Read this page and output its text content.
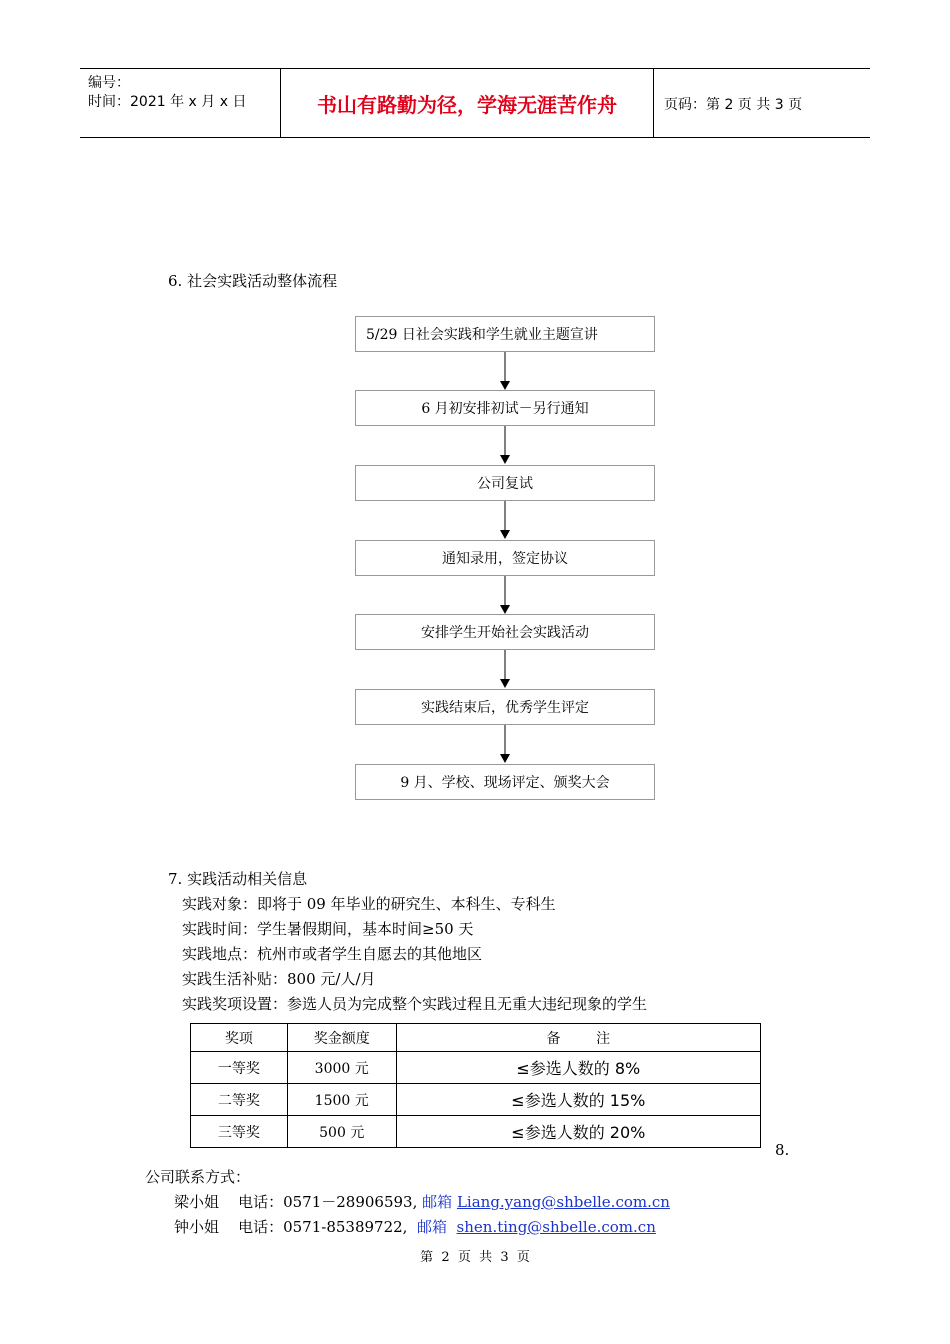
编号：
时间：2021 年 x 月 x 日	书山有路勤为径，学海无涯苦作舟	页码：第 2 页 共 3 页
6. 社会实践活动整体流程
5/29 日社会实践和学生就业主题宣讲
6 月初安排初试－另行通知
公司复试
通知录用，签定协议
安排学生开始社会实践活动
实践结束后，优秀学生评定
9 月、学校、现场评定、颁奖大会
7. 实践活动相关信息
实践对象：即将于 09 年毕业的研究生、本科生、专科生
实践时间：学生暑假期间，基本时间≥50 天
实践地点：杭州市或者学生自愿去的其他地区
实践生活补贴：800 元/人/月
实践奖项设置：参选人员为完成整个实践过程且无重大违纪现象的学生
奖项	奖金额度	备        注
一等奖	3000 元	≤参选人数的 8%
二等奖	1500 元	≤参选人数的 15%
三等奖	500 元	≤参选人数的 20%
8.
公司联系方式：
梁小姐    电话：0571－28906593, 邮箱 Liang.yang@shbelle.com.cn
钟小姐    电话：0571-85389722, 邮箱 shen.ting@shbelle.com.cn
第  2  页  共  3  页
